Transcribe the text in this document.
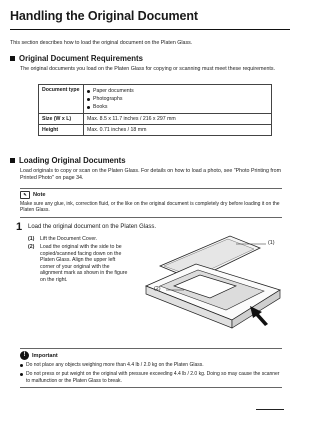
Handling the Original Document
This section describes how to load the original document on the Platen Glass.
Original Document Requirements
The original documents you load on the Platen Glass for copying or scanning must meet these requirements.
Document type	Paper documents
Photographs
Books

Size (W x L)	Max. 8.5 x 11.7 inches / 216 x 297 mm
Height	Max. 0.71 inches / 18 mm
Loading Original Documents
Load originals to copy or scan on the Platen Glass. For details on how to load a photo, see "Photo Printing from Printed Photo" on page 34.
✎	Note
Make sure any glue, ink, correction fluid, or the like on the original document is completely dry before loading it on the Platen Glass.
1 Load the original document on the Platen Glass.
(1)	Lift the Document Cover.
(2)	Load the original with the side to be copied/scanned facing down on the Platen Glass. Align the upper left corner of your original with the alignment mark as shown in the figure on the right.
(1)
(2)
!	Important
Do not place any objects weighing more than 4.4 lb / 2.0 kg on the Platen Glass.
Do not press or put weight on the original with pressure exceeding 4.4 lb / 2.0 kg. Doing so may cause the scanner to malfunction or the Platen Glass to break.
